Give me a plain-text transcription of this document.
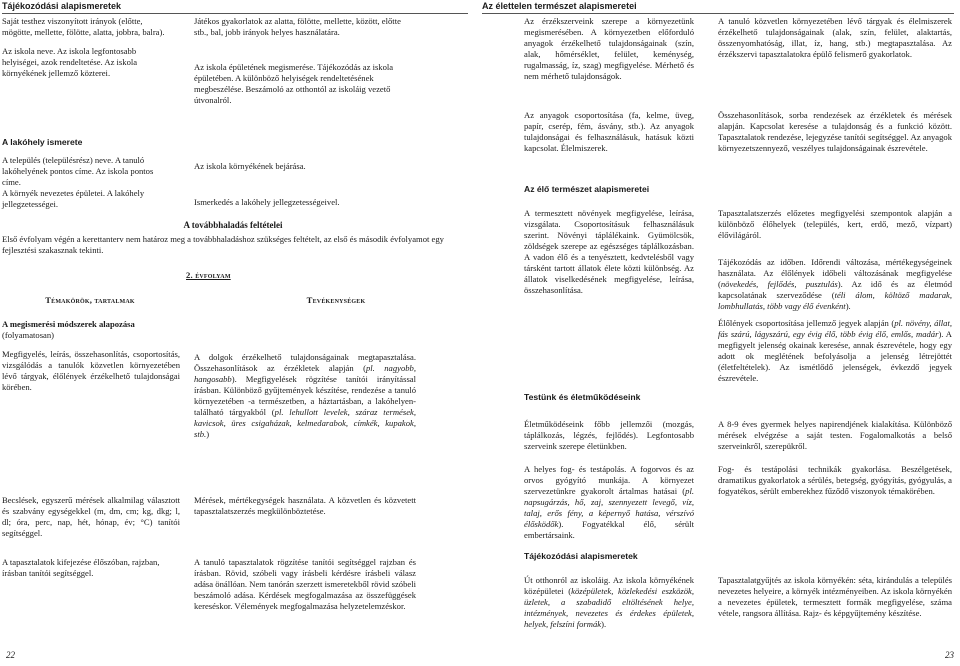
Tájékozódási alapismeretek

Saját testhez viszonyított irányok (előtte, mögötte, mellette, fölötte, alatta, jobbra, balra).

Az iskola neve. Az iskola legfontosabb helyiségei, azok rendeltetése. Az iskola környékének jellemző közterei.

A lakóhely ismerete

A település (településrész) neve. A tanuló lakóhelyének pontos címe. Az iskola pontos címe.

A környék nevezetes épületei. A lakóhely jellegzetességei.

Játékos gyakorlatok az alatta, fölötte, mellette, között, előtte stb., bal, jobb irányok helyes használatára.

Az iskola épületének megismerése. Tájékozódás az iskola épületében. A különböző helyiségek rendeltetésének megbeszélése. Beszámoló az otthontól az iskoláig vezető útvonalról.

Az iskola környékének bejárása.

Ismerkedés a lakóhely jellegzetességeivel.

A továbbhaladás feltételei
Első évfolyam végén a kerettanterv nem határoz meg a továbbhaladáshoz szükséges feltételt, az első és második évfolyamot egy fejlesztési szakasznak tekinti.
2. évfolyam
Témakörök, tartalmak	Tevékenységek
A megismerési módszerek alapozása
(folyamatosan)
Megfigyelés, leírás, összehasonlítás, csoportosítás, vizsgálódás a tanulók közvetlen környezetében lévő tárgyak, élőlények érzékelhető tulajdonságai körében.
Becslések, egyszerű mérések alkalmilag választott és szabvány egységekkel (m, dm, cm; kg, dkg; l, dl; óra, perc, nap, hét, hónap, év; °C) tanítói segítséggel.
A tapasztalatok kifejezése élőszóban, rajzban, írásban tanítói segítséggel.
A dolgok érzékelhető tulajdonságainak megtapasztalása. Összehasonlítások az érzékletek alapján (pl. nagyobb, hangosabb). Megfigyelések rögzítése tanítói irányítással írásban. Különböző gyűjtemények készítése, rendezése a tanuló környezetében -a természetben, a háztartásban, a lakóhelyen- található tárgyakból (pl. lehullott levelek, száraz termések, kavicsok, üres csigaházak, kelmedarabok, címkék, kupakok, stb.)
Mérések, mértékegységek használata. A közvetlen és közvetett tapasztalatszerzés megkülönböztetése.
A tanuló tapasztalatok rögzítése tanítói segítséggel rajzban és írásban. Rövid, szóbeli vagy írásbeli kérdésre írásbeli válasz adása önállóan. Nem tanórán szerzett ismeretekből rövid szóbeli beszámoló adása. Kérdések megfogalmazása az összefüggések kereséskor. Vélemények megfogalmazása helyzetelemzéskor.
22
Az élettelen természet alapismeretei
Az érzékszerveink szerepe a környezetünk megismerésében. A környezetben előforduló anyagok érzékelhető tulajdonságainak (szín, alak, hőmérséklet, felület, keménység, rugalmasság, íz, szag) megfigyelése. Mérhető és nem mérhető tulajdonságok.
Az anyagok csoportosítása (fa, kelme, üveg, papír, cserép, fém, ásvány, stb.). Az anyagok tulajdonságai és felhasználásuk, hatásuk közti kapcsolat. Élelmiszerek.
Az élő természet alapismeretei
A termesztett növények megfigyelése, leírása, vizsgálata. Csoportosításuk felhasználásuk szerint. Növényi táplálékaink. Gyümölcsök, zöldségek szerepe az egészséges táplálkozásban. A vadon élő és a tenyésztett, kedvtelésből vagy társként tartott állatok élete közti különbség. Az állatok viselkedésének megfigyelése, leírása, összehasonlítása.
Testünk és életműködéseink
Életműködéseink főbb jellemzői (mozgás, táplálkozás, légzés, fejlődés). Legfontosabb szerveink szerepe életünkben.
A helyes fog- és testápolás. A fogorvos és az orvos gyógyító munkája. A környezet szervezetünkre gyakorolt ártalmas hatásai (pl. napsugárzás, hő, zaj, szennyezett levegő, víz, talaj, erős fény, a képernyő hatása, vérszívó élősködők). Fogyatékkal élő, sérült embertársaink.
Tájékozódási alapismeretek
Út otthonról az iskoláig. Az iskola környékének középületei (középületek, közlekedési eszközök, üzletek, a szabadidő eltöltésének helye, intézmények, nevezetes és érdekes épületek, helyek, felszíni formák).
A tanuló közvetlen környezetében lévő tárgyak és élelmiszerek érzékelhető tulajdonságainak (alak, szín, felület, alaktartás, összenyomhatóság, illat, íz, hang, stb.) megtapasztalása. Az érzékszervi tapasztalatokra épülő felismerő gyakorlatok.
Összehasonlítások, sorba rendezések az érzékletek és mérések alapján. Kapcsolat keresése a tulajdonság és a funkció között. Tapasztalatok rendezése, lejegyzése tanítói segítséggel. Az anyagok környezetszennyező, veszélyes tulajdonságainak észrevétele.
Tapasztalatszerzés előzetes megfigyelési szempontok alapján a különböző élőhelyek (település, kert, erdő, mező, vízpart) élővilágáról.
Tájékozódás az időben. Időrendi változása, mértékegységeinek használata. Az élőlények időbeli változásának megfigyelése (növekedés, fejlődés, pusztulás). Az idő és az életmód kapcsolatának szerveződése (téli álom, költöző madarak, lombhullatás, több vagy élő évenként).
Élőlények csoportosítása jellemző jegyek alapján (pl. növény, állat, fás szárú, lágyszárú, egy évig élő, több évig élő, emlős, madár). A megfigyelt jelenség okainak keresése, annak észrevétele, hogy egy adott ok meglétének befolyásolja a jelenség létrejöttét (életfeltételek). Az ismétlődő jelenségek, évkezdő jegyek észrevétele.
A 8-9 éves gyermek helyes napirendjének kialakítása. Különböző mérések elvégzése a saját testen. Fogalomalkotás a belső szerveinkről, szerepükről.
Fog- és testápolási technikák gyakorlása. Beszélgetések, dramatikus gyakorlatok a sérülés, betegség, gyógyítás, gyógyulás, a fogyatékos, sérült emberekhez fűződő viszonyok témakörében.
Tapasztalatgyűjtés az iskola környékén: séta, kirándulás a település nevezetes helyeire, a környék intézményeiben. Az iskola környékén a nevezetes épületek, termesztett formák megfigyelése, száma vétele, rangsora állítása. Rajz- és képgyűjtemény készítése.
23
